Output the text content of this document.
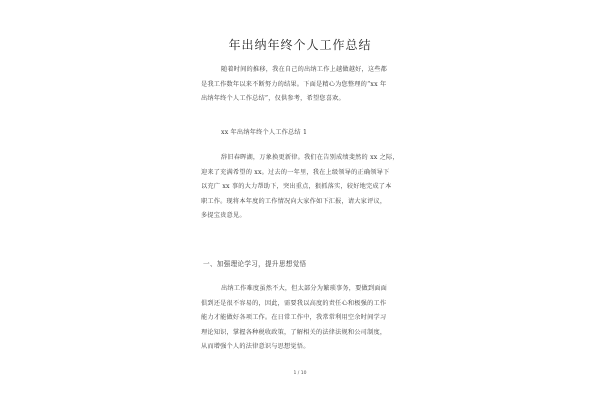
年出纳年终个人工作总结
随着时间的推移，我在自己的出纳工作上越做越好，这些都
是我工作数年以来不断努力的结果。下面是精心为您整理的“xx 年
出纳年终个人工作总结”，仅供参考，希望您喜欢。
xx 年出纳年终个人工作总结 1
辞旧春晖湖，万象换更新律。我们在告别成绩斐然的 xx 之际，
迎来了充满希望的 xx。过去的一年里，我在上级领导的正确领导下
以充广 xx 事的大力帮助下，突出重点，狠抓落实，较好地完成了本
职工作。现将本年度的工作情况向大家作如下汇报，请大家评议，
多提宝贵意见。
一、加强理论学习，提升思想觉悟
出纳工作难度虽然不大，但太部分为繁琐事务，要做到面面
俱到还是很不容易的，因此，需要我以高度的责任心和极强的工作
能力才能做好各项工作。在日常工作中，我常常利用空余时间学习
理论知识，掌握各种税收政策，了解相关的法律法规和公司制度，
从而增强个人的法律意识与思想觉悟。
1 / 10
